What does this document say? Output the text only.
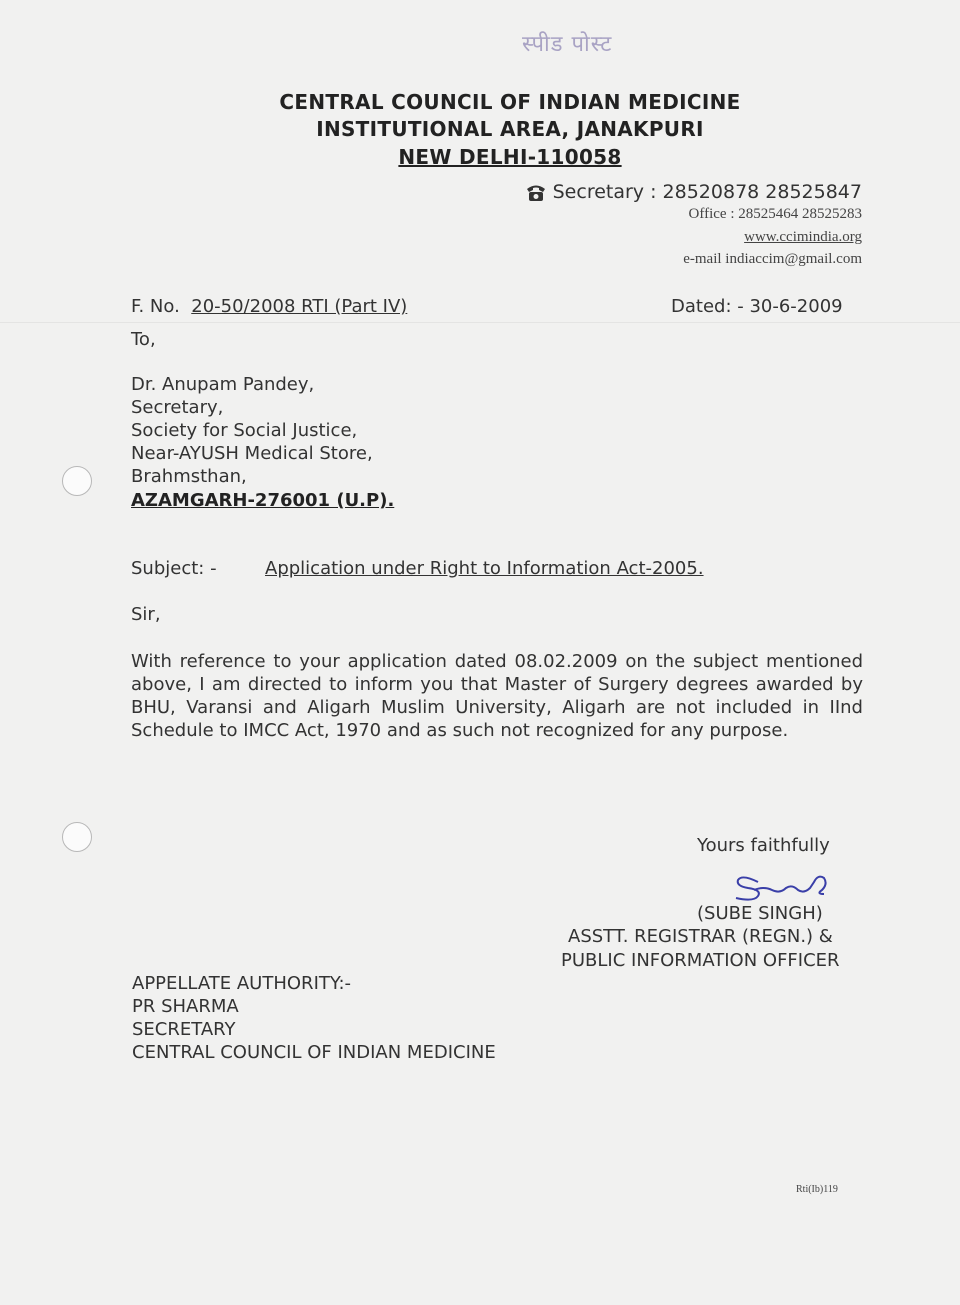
स्पीड पोस्ट
CENTRAL COUNCIL OF INDIAN MEDICINE
INSTITUTIONAL AREA, JANAKPURI
NEW DELHI-110058
Secretary : 28520878 28525847
Office : 28525464 28525283
www.ccimindia.org
e-mail indiaccim@gmail.com
F. No. 20-50/2008 RTI (Part IV)	Dated: - 30-6-2009
To,
Dr. Anupam Pandey,
Secretary,
Society for Social Justice,
Near-AYUSH Medical Store,
Brahmsthan,
AZAMGARH-276001 (U.P).
Subject: -	Application under Right to Information Act-2005.
Sir,
With reference to your application dated 08.02.2009 on the subject mentioned above, I am directed to inform you that Master of Surgery degrees awarded by BHU, Varansi and Aligarh Muslim University, Aligarh are not included in IInd Schedule to IMCC Act, 1970 and as such not recognized for any purpose.
Yours faithfully
(SUBE SINGH)
ASSTT. REGISTRAR (REGN.) &
PUBLIC INFORMATION OFFICER
APPELLATE AUTHORITY:-
PR SHARMA
SECRETARY
CENTRAL COUNCIL OF INDIAN MEDICINE
Rti(Ib)119
